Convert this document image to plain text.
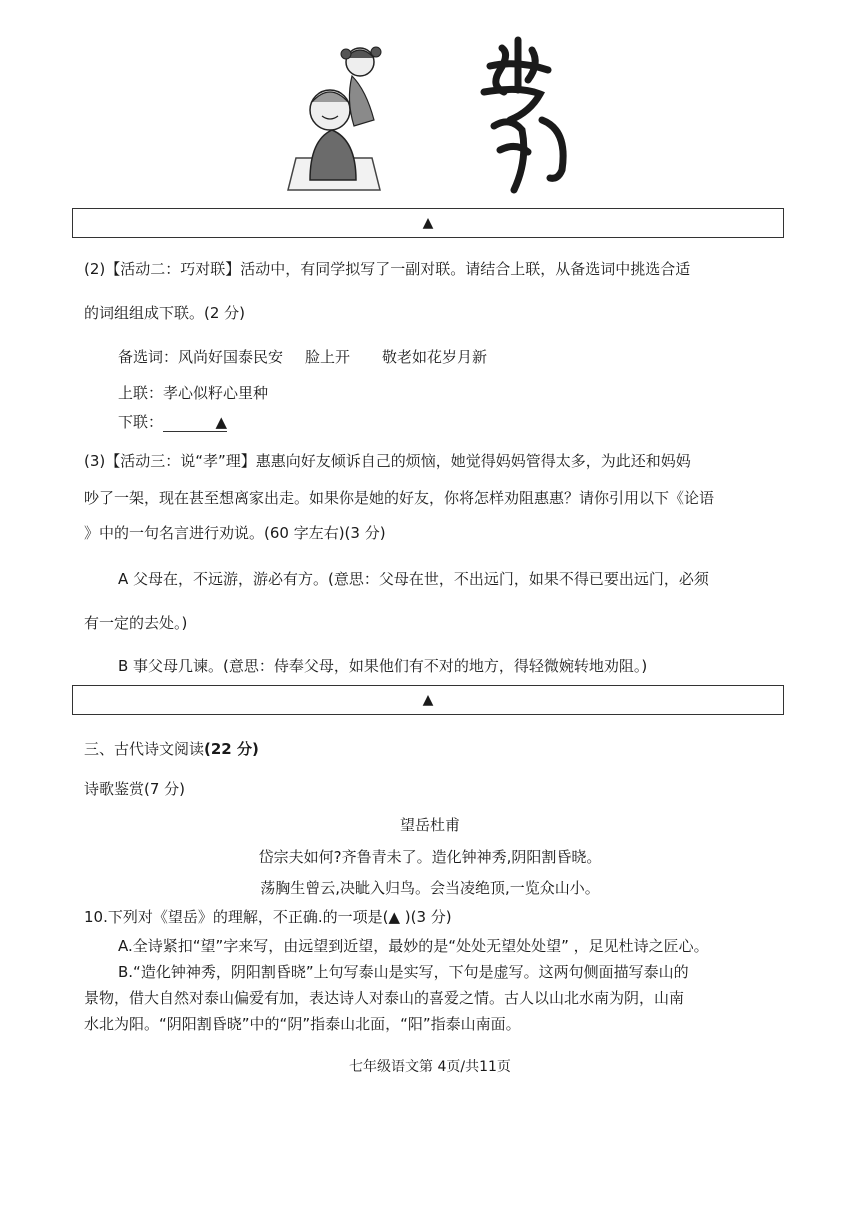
▲
(2)【活动二：巧对联】活动中，有同学拟写了一副对联。请结合上联，从备选词中挑选合适
的词组组成下联。(2 分)
备选词：风尚好国泰民安 脸上开 敬老如花岁月新
上联：孝心似籽心里种
下联：	▲
(3)【活动三：说“孝”理】惠惠向好友倾诉自己的烦恼，她觉得妈妈管得太多，为此还和妈妈
吵了一架，现在甚至想离家出走。如果你是她的好友，你将怎样劝阻惠惠？请你引用以下《论语
》中的一句名言进行劝说。(60 字左右)(3 分)
A 父母在，不远游，游必有方。(意思：父母在世，不出远门，如果不得已要出远门，必须
有一定的去处。)
B 事父母几谏。(意思：侍奉父母，如果他们有不对的地方，得轻微婉转地劝阻。)
▲
三、古代诗文阅读(22 分)
诗歌鉴赏(7 分)
望岳杜甫
岱宗夫如何?齐鲁青未了。造化钟神秀,阴阳割昏晓。
荡胸生曾云,决眦入归鸟。会当凌绝顶,一览众山小。
10.下列对《望岳》的理解，不正确.的一项是(▲ )(3 分)
A.全诗紧扣“望”字来写，由远望到近望，最妙的是“处处无望处处望” ，足见杜诗之匠心。
B.“造化钟神秀，阴阳割昏晓”上句写泰山是实写，下句是虚写。这两句侧面描写泰山的
景物，借大自然对泰山偏爱有加，表达诗人对泰山的喜爱之情。古人以山北水南为阴，山南
水北为阳。“阴阳割昏晓”中的“阴”指泰山北面，“阳”指泰山南面。
七年级语文第 4页/共11页
